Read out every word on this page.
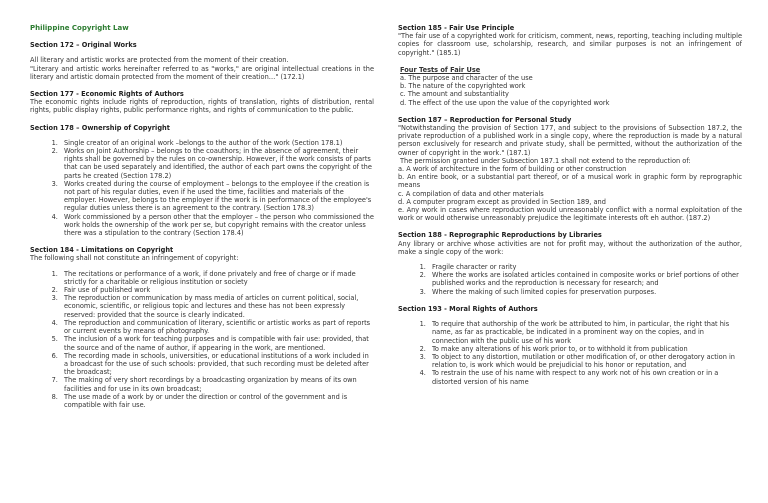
Philippine Copyright Law
Section 172 – Original Works

All literary and artistic works are protected from the moment of their creation.

"Literary and artistic works hereinafter referred to as "works," are original intellectual creations in the literary and artistic domain protected from the moment of their creation…" (172.1)

Section 177 - Economic Rights of Authors

The economic rights include rights of reproduction, rights of translation, rights of distribution, rental rights, public display rights, public performance rights, and rights of communication to the public.

Section 178 – Ownership of Copyright
1. Single creator of an original work –belongs to the author of the work (Section 178.1)
2. Works on Joint Authorship – belongs to the coauthors; in the absence of agreement, their rights shall be governed by the rules on co-ownership. However, if the work consists of parts that can be used separately and identified, the author of each part owns the copyright of the parts he created (Section 178.2)
3. Works created during the course of employment – belongs to the employee if the creation is not part of his regular duties, even if he used the time, facilities and materials of the employer. However, belongs to the employer if the work is in performance of the employee's regular duties unless there is an agreement to the contrary. (Section 178.3)
4. Work commissioned by a person other that the employer – the person who commissioned the work holds the ownership of the work per se, but copyright remains with the creator unless there was a stipulation to the contrary (Section 178.4)
Section 184 - Limitations on Copyright

The following shall not constitute an infringement of copyright:

1. The recitations or performance of a work, if done privately and free of charge or if made strictly for a charitable or religious institution or society
2. Fair use of published work
3. The reproduction or communication by mass media of articles on current political, social, economic, scientific, or religious topic and lectures and these has not been expressly reserved: provided that the source is clearly indicated.
4. The reproduction and communication of literary, scientific or artistic works as part of reports or current events by means of photography.
5. The inclusion of a work for teaching purposes and is compatible with fair use: provided, that the source and of the name of author, if appearing in the work, are mentioned.
6. The recording made in schools, universities, or educational institutions of a work included in a broadcast for the use of such schools: provided, that such recording must be deleted after the broadcast;
7. The making of very short recordings by a broadcasting organization by means of its own facilities and for use in its own broadcast;
8. The use made of a work by or under the direction or control of the government and is compatible with fair use.
Section 185 - Fair Use Principle

"The fair use of a copyrighted work for criticism, comment, news, reporting, teaching including multiple copies for classroom use, scholarship, research, and similar purposes is not an infringement of copyright." (185.1)

Four Tests of Fair Use
a. The purpose and character of the use
b. The nature of the copyrighted work
c. The amount and substantiality
d. The effect of the use upon the value of the copyrighted work
Section 187 – Reproduction for Personal Study

"Notwithstanding the provision of Section 177, and subject to the provisions of Subsection 187.2, the private reproduction of a published work in a single copy, where the reproduction is made by a natural person exclusively for research and private study, shall be permitted, without the authorization of the owner of copyright in the work." (187.1)

The permission granted under Subsection 187.1 shall not extend to the reproduction of:

a. A work of architecture in the form of building or other construction

b. An entire book, or a substantial part thereof, or of a musical work in graphic form by reprographic means

c. A compilation of data and other materials

d. A computer program except as provided in Section 189, and

e. Any work in cases where reproduction would unreasonably conflict with a normal exploitation of the work or would otherwise unreasonably prejudice the legitimate interests oft eh author. (187.2)

Section 188 - Reprographic Reproductions by Libraries

Any library or archive whose activities are not for profit may, without the authorization of the author, make a single copy of the work:

1. Fragile character or rarity
2. Where the works are isolated articles contained in composite works or brief portions of other published works and the reproduction is necessary for research; and
3. Where the making of such limited copies for preservation purposes.
Section 193 - Moral Rights of Authors
1. To require that authorship of the work be attributed to him, in particular, the right that his name, as far as practicable, be indicated in a prominent way on the copies, and in connection with the public use of his work
2. To make any alterations of his work prior to, or to withhold it from publication
3. To object to any distortion, mutilation or other modification of, or other derogatory action in relation to, is work which would be prejudicial to his honor or reputation, and
4. To restrain the use of his name with respect to any work not of his own creation or in a distorted version of his name
